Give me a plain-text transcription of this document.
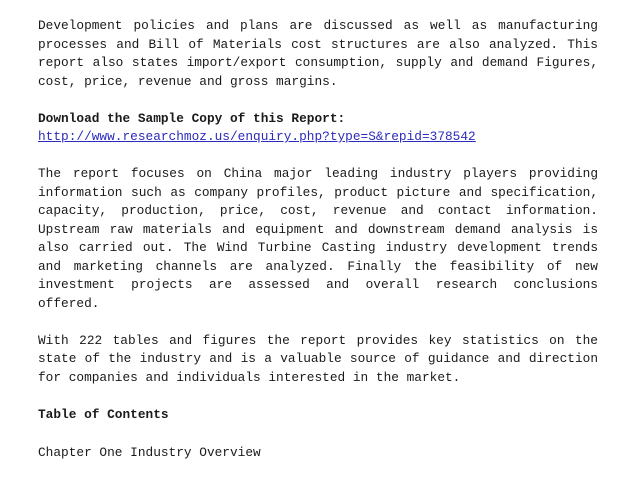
Development policies and plans are discussed as well as manufacturing processes and Bill of Materials cost structures are also analyzed. This report also states import/export consumption, supply and demand Figures, cost, price, revenue and gross margins.

Download the Sample Copy of this Report:

http://www.researchmoz.us/enquiry.php?type=S&repid=378542

The report focuses on China major leading industry players providing information such as company profiles, product picture and specification, capacity, production, price, cost, revenue and contact information. Upstream raw materials and equipment and downstream demand analysis is also carried out. The Wind Turbine Casting industry development trends and marketing channels are analyzed. Finally the feasibility of new investment projects are assessed and overall research conclusions offered.

With 222 tables and figures the report provides key statistics on the state of the industry and is a valuable source of guidance and direction for companies and individuals interested in the market.

Table of Contents

Chapter One Industry Overview
